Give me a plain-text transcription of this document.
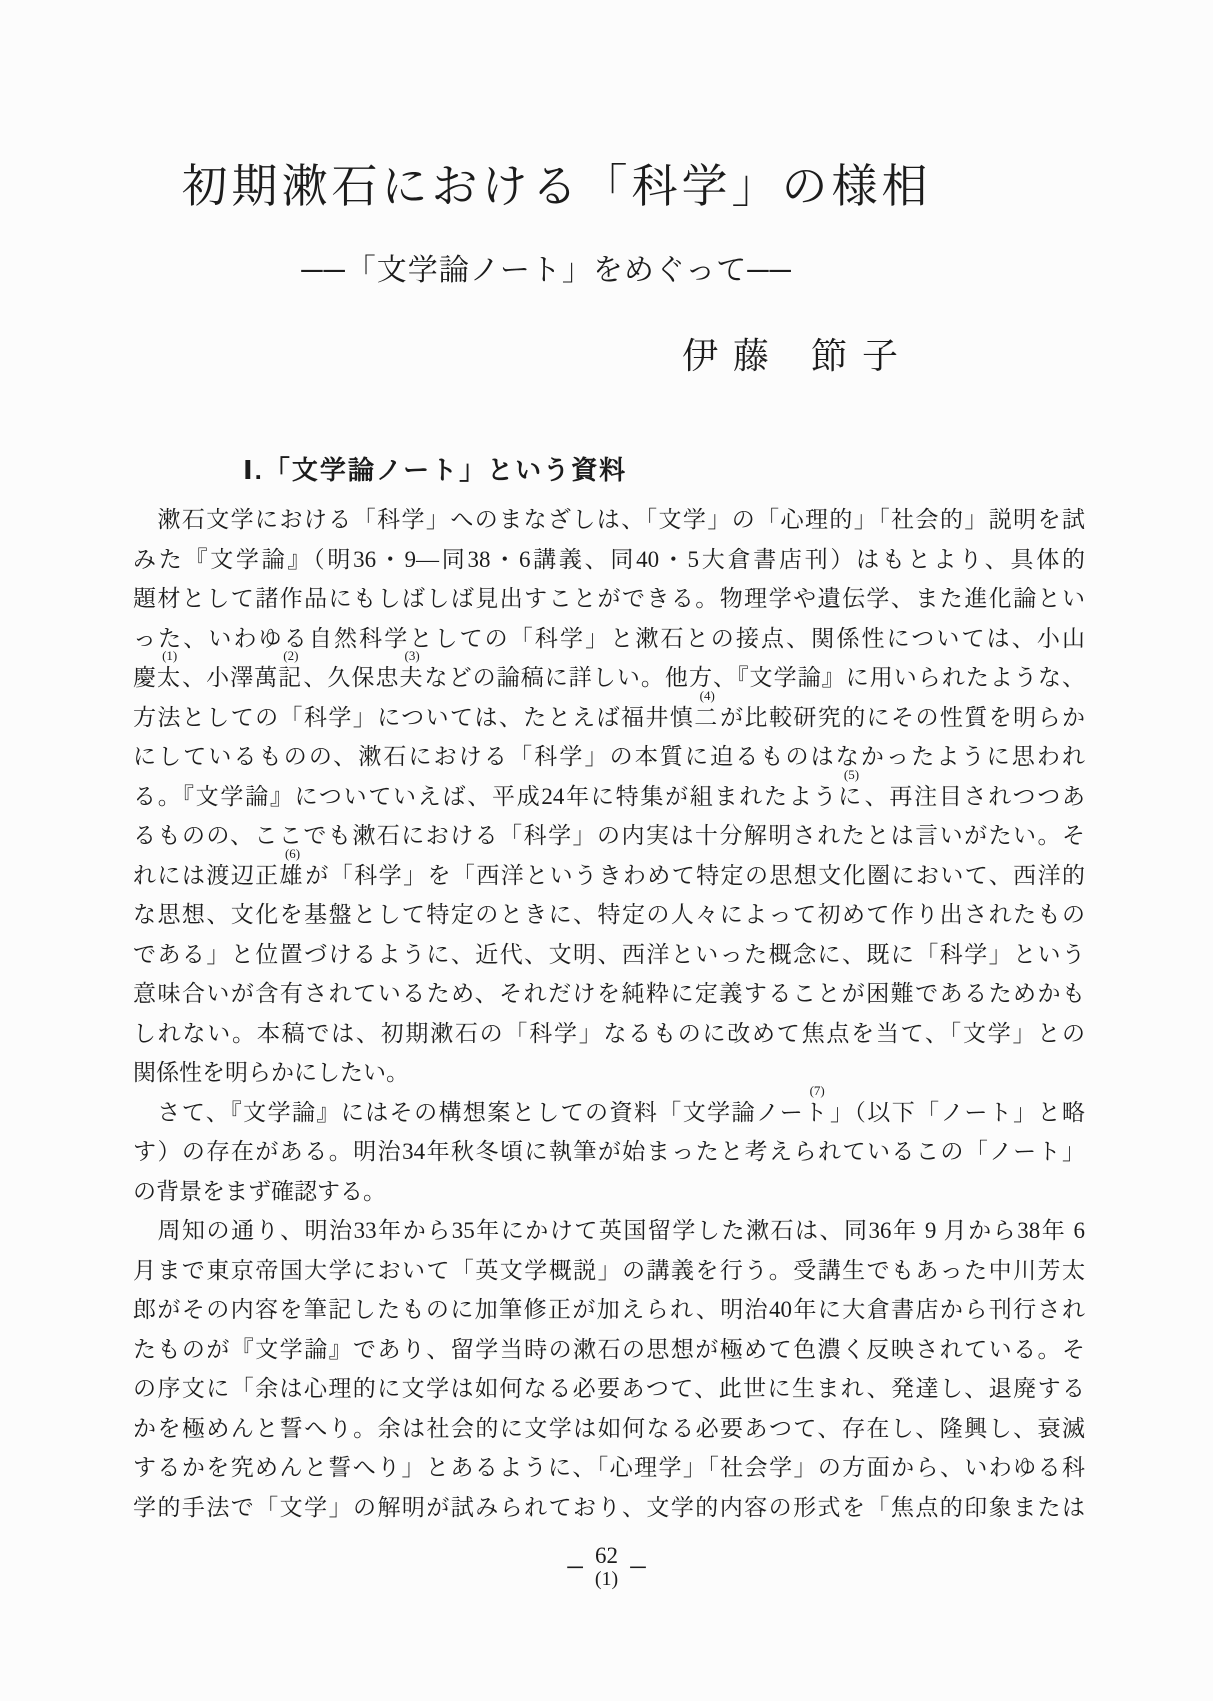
初期漱石における「科学」の様相
──「文学論ノート」をめぐって──
伊 藤　節 子
Ⅰ.「文学論ノート」という資料
　漱石文学における「科学」へのまなざしは、「文学」の「心理的」「社会的」説明を試
みた『文学論』（明36・9―同38・6講義、同40・5大倉書店刊）はもとより、具体的
題材として諸作品にもしばしば見出すことができる。物理学や遺伝学、また進化論とい
った、いわゆる自然科学としての「科学」と漱石との接点、関係性については、小山
慶太(1)、小澤萬記(2)、久保忠夫(3)などの論稿に詳しい。他方、『文学論』に用いられたような、
方法としての「科学」については、たとえば福井慎二(4)が比較研究的にその性質を明らか
にしているものの、漱石における「科学」の本質に迫るものはなかったように思われ
る。『文学論』についていえば、平成24年に特集が組まれたように(5)、再注目されつつあ
るものの、ここでも漱石における「科学」の内実は十分解明されたとは言いがたい。そ
れには渡辺正雄(6)が「科学」を「西洋というきわめて特定の思想文化圏において、西洋的
な思想、文化を基盤として特定のときに、特定の人々によって初めて作り出されたもの
である」と位置づけるように、近代、文明、西洋といった概念に、既に「科学」という
意味合いが含有されているため、それだけを純粋に定義することが困難であるためかも
しれない。本稿では、初期漱石の「科学」なるものに改めて焦点を当て、「文学」との
関係性を明らかにしたい。
　さて、『文学論』にはその構想案としての資料「文学論ノート(7)」（以下「ノート」と略
す）の存在がある。明治34年秋冬頃に執筆が始まったと考えられているこの「ノート」
の背景をまず確認する。
　周知の通り、明治33年から35年にかけて英国留学した漱石は、同36年 9 月から38年 6
月まで東京帝国大学において「英文学概説」の講義を行う。受講生でもあった中川芳太
郎がその内容を筆記したものに加筆修正が加えられ、明治40年に大倉書店から刊行され
たものが『文学論』であり、留学当時の漱石の思想が極めて色濃く反映されている。そ
の序文に「余は心理的に文学は如何なる必要あつて、此世に生まれ、発達し、退廃する
かを極めんと誓へり。余は社会的に文学は如何なる必要あつて、存在し、隆興し、衰滅
するかを究めんと誓へり」とあるように、「心理学」「社会学」の方面から、いわゆる科
学的手法で「文学」の解明が試みられており、文学的内容の形式を「焦点的印象または
─ 62
(1)
─
